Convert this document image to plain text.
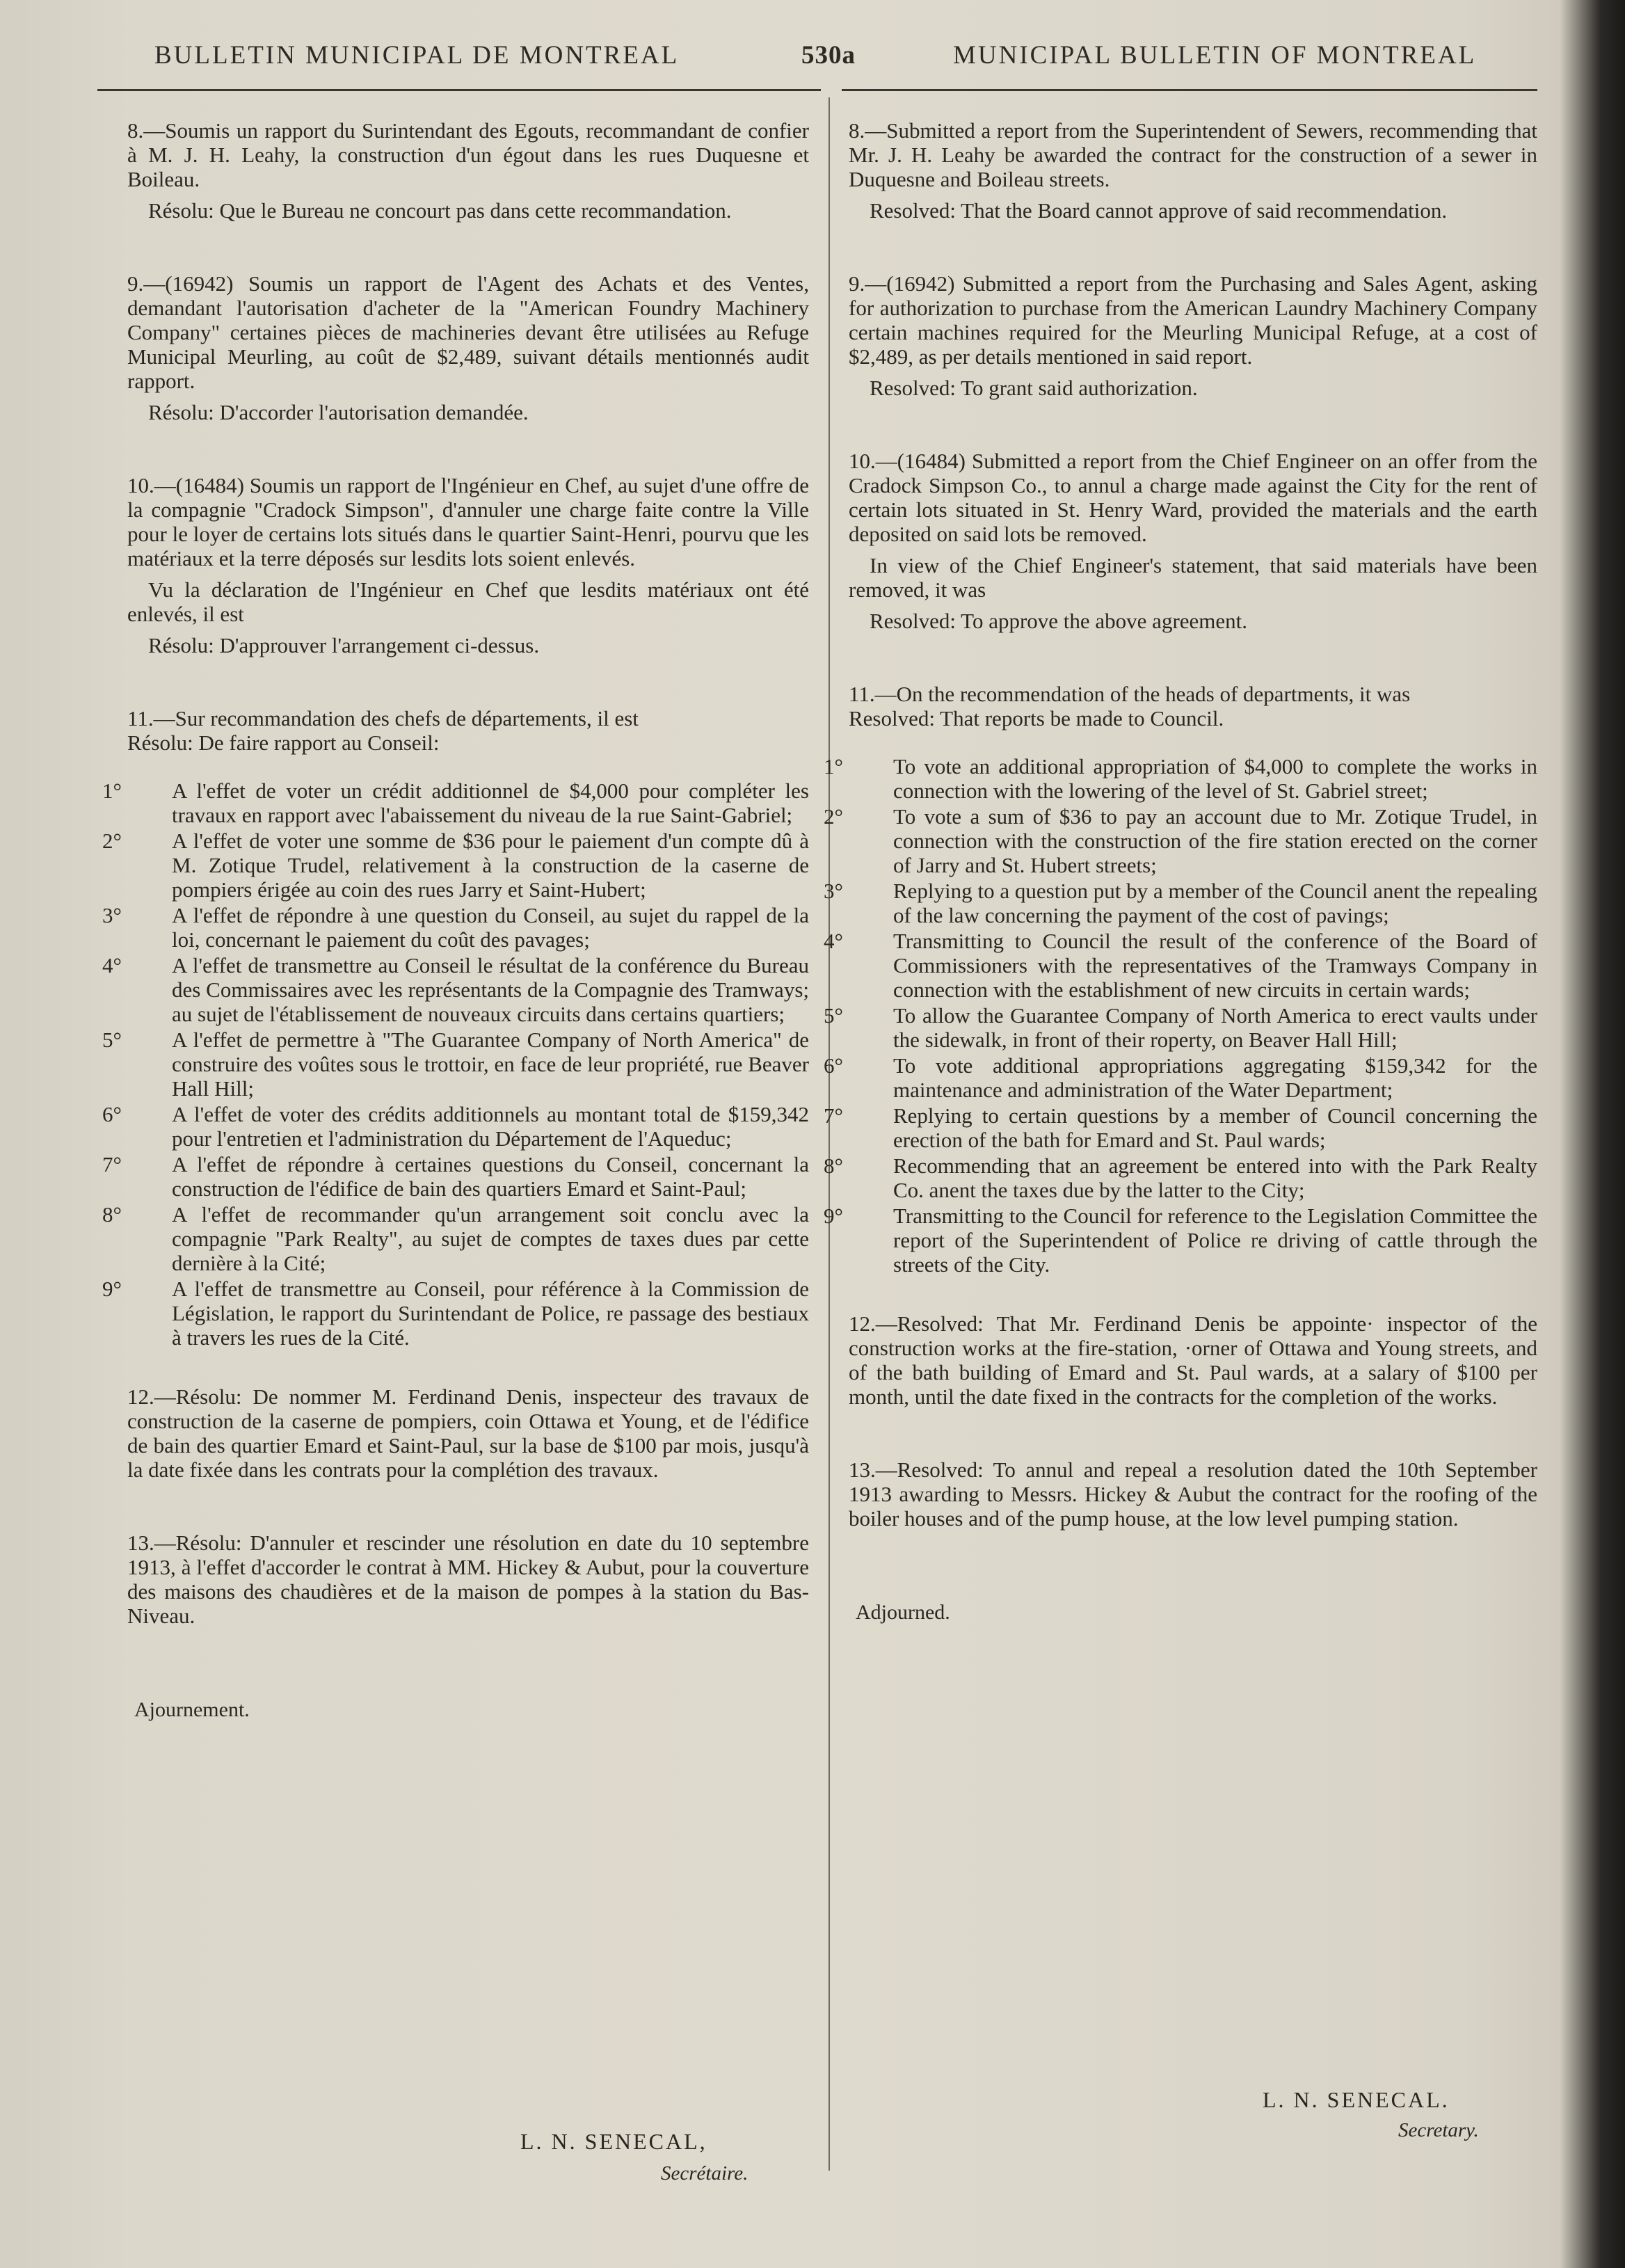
BULLETIN MUNICIPAL DE MONTREAL	530a	MUNICIPAL BULLETIN OF MONTREAL

8.—Soumis un rapport du Surintendant des Egouts, recommandant de confier à M. J. H. Leahy, la construction d'un égout dans les rues Duquesne et Boileau.

Résolu: Que le Bureau ne concourt pas dans cette recommandation.

9.—(16942) Soumis un rapport de l'Agent des Achats et des Ventes, demandant l'autorisation d'acheter de la "American Foundry Machinery Company" certaines pièces de machineries devant être utilisées au Refuge Municipal Meurling, au coût de $2,489, suivant détails mentionnés audit rapport.

Résolu: D'accorder l'autorisation demandée.

10.—(16484) Soumis un rapport de l'Ingénieur en Chef, au sujet d'une offre de la compagnie "Cradock Simpson", d'annuler une charge faite contre la Ville pour le loyer de certains lots situés dans le quartier Saint-Henri, pourvu que les matériaux et la terre déposés sur lesdits lots soient enlevés.

Vu la déclaration de l'Ingénieur en Chef que lesdits matériaux ont été enlevés, il est

Résolu: D'approuver l'arrangement ci-dessus.

11.—Sur recommandation des chefs de départements, il est

Résolu: De faire rapport au Conseil:

1°	A l'effet de voter un crédit additionnel de $4,000 pour compléter les travaux en rapport avec l'abaissement du niveau de la rue Saint-Gabriel;
2°	A l'effet de voter une somme de $36 pour le paiement d'un compte dû à M. Zotique Trudel, relativement à la construction de la caserne de pompiers érigée au coin des rues Jarry et Saint-Hubert;
3°	A l'effet de répondre à une question du Conseil, au sujet du rappel de la loi, concernant le paiement du coût des pavages;
4°	A l'effet de transmettre au Conseil le résultat de la conférence du Bureau des Commissaires avec les représentants de la Compagnie des Tramways; au sujet de l'établissement de nouveaux circuits dans certains quartiers;
5°	A l'effet de permettre à "The Guarantee Company of North America" de construire des voûtes sous le trottoir, en face de leur propriété, rue Beaver Hall Hill;
6°	A l'effet de voter des crédits additionnels au montant total de $159,342 pour l'entretien et l'administration du Département de l'Aqueduc;
7°	A l'effet de répondre à certaines questions du Conseil, concernant la construction de l'édifice de bain des quartiers Emard et Saint-Paul;
8°	A l'effet de recommander qu'un arrangement soit conclu avec la compagnie "Park Realty", au sujet de comptes de taxes dues par cette dernière à la Cité;
9°	A l'effet de transmettre au Conseil, pour référence à la Commission de Législation, le rapport du Surintendant de Police, re passage des bestiaux à travers les rues de la Cité.

12.—Résolu: De nommer M. Ferdinand Denis, inspecteur des travaux de construction de la caserne de pompiers, coin Ottawa et Young, et de l'édifice de bain des quartier Emard et Saint-Paul, sur la base de $100 par mois, jusqu'à la date fixée dans les contrats pour la complétion des travaux.

13.—Résolu: D'annuler et rescinder une résolution en date du 10 septembre 1913, à l'effet d'accorder le contrat à MM. Hickey & Aubut, pour la couverture des maisons des chaudières et de la maison de pompes à la station du Bas-Niveau.

Ajournement.

8.—Submitted a report from the Superintendent of Sewers, recommending that Mr. J. H. Leahy be awarded the contract for the construction of a sewer in Duquesne and Boileau streets.

Resolved: That the Board cannot approve of said recommendation.

9.—(16942) Submitted a report from the Purchasing and Sales Agent, asking for authorization to purchase from the American Laundry Machinery Company certain machines required for the Meurling Municipal Refuge, at a cost of $2,489, as per details mentioned in said report.

Resolved: To grant said authorization.

10.—(16484) Submitted a report from the Chief Engineer on an offer from the Cradock Simpson Co., to annul a charge made against the City for the rent of certain lots situated in St. Henry Ward, provided the materials and the earth deposited on said lots be removed.

In view of the Chief Engineer's statement, that said materials have been removed, it was

Resolved: To approve the above agreement.

11.—On the recommendation of the heads of departments, it was

Resolved: That reports be made to Council.

1°	To vote an additional appropriation of $4,000 to complete the works in connection with the lowering of the level of St. Gabriel street;
2°	To vote a sum of $36 to pay an account due to Mr. Zotique Trudel, in connection with the construction of the fire station erected on the corner of Jarry and St. Hubert streets;
3°	Replying to a question put by a member of the Council anent the repealing of the law concerning the payment of the cost of pavings;
4°	Transmitting to Council the result of the conference of the Board of Commissioners with the representatives of the Tramways Company in connection with the establishment of new circuits in certain wards;
5°	To allow the Guarantee Company of North America to erect vaults under the sidewalk, in front of their roperty, on Beaver Hall Hill;
6°	To vote additional appropriations aggregating $159,342 for the maintenance and administration of the Water Department;
7°	Replying to certain questions by a member of Council concerning the erection of the bath for Emard and St. Paul wards;
8°	Recommending that an agreement be entered into with the Park Realty Co. anent the taxes due by the latter to the City;
9°	Transmitting to the Council for reference to the Legislation Committee the report of the Superintendent of Police re driving of cattle through the streets of the City.

12.—Resolved: That Mr. Ferdinand Denis be appointe· inspector of the construction works at the fire-station, ·orner of Ottawa and Young streets, and of the bath building of Emard and St. Paul wards, at a salary of $100 per month, until the date fixed in the contracts for the completion of the works.

13.—Resolved: To annul and repeal a resolution dated the 10th September 1913 awarding to Messrs. Hickey & Aubut the contract for the roofing of the boiler houses and of the pump house, at the low level pumping station.

Adjourned.
L. N. SENECAL,
Secrétaire.
L. N. SENECAL.
Secretary.
